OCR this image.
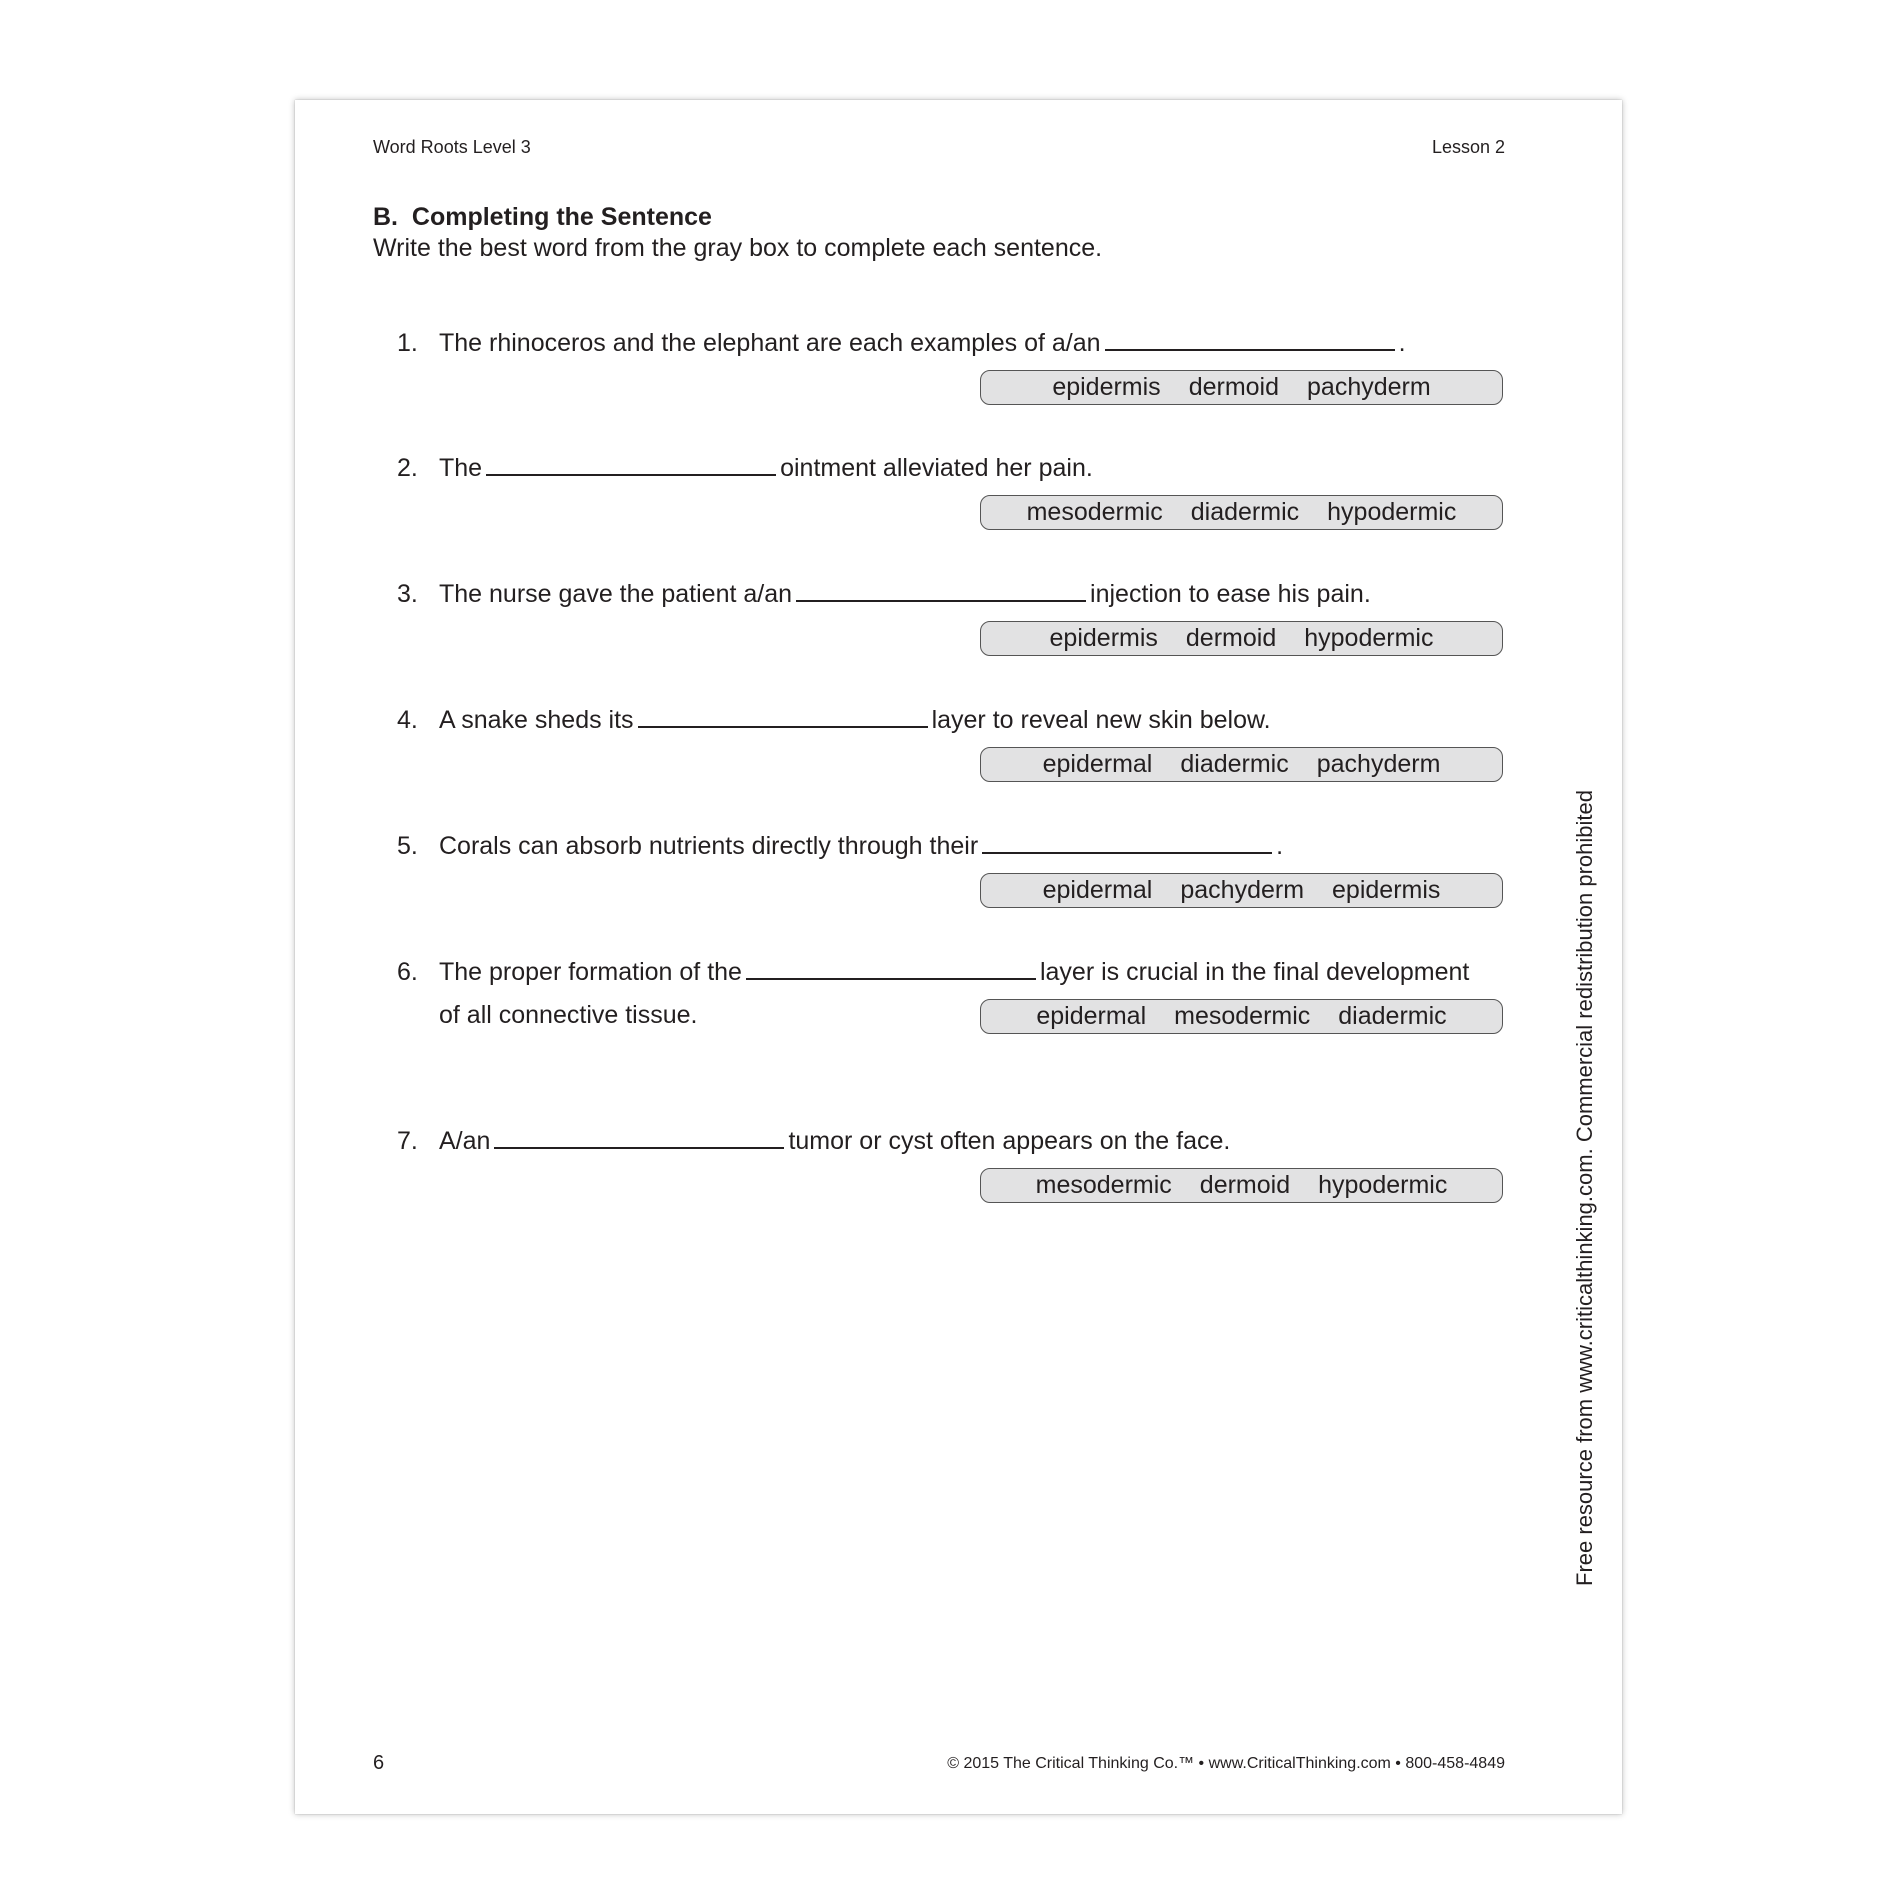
Word Roots Level 3	Lesson 2
B.  Completing the Sentence
Write the best word from the gray box to complete each sentence.
1. The rhinoceros and the elephant are each examples of a/an	.
epidermis dermoid pachyderm
2. The	ointment alleviated her pain.
mesodermic diadermic hypodermic
3. The nurse gave the patient a/an	injection to ease his pain.
epidermis dermoid hypodermic
4. A snake sheds its	layer to reveal new skin below.
epidermal diadermic pachyderm
5. Corals can absorb nutrients directly through their	.
epidermal pachyderm epidermis
6. The proper formation of the	layer is crucial in the final development
of all connective tissue.	epidermal mesodermic diadermic
7. A/an	tumor or cyst often appears on the face.
mesodermic dermoid hypodermic	Free resource from www.criticalthinking.com. Commercial redistribution prohibited
6	© 2015 The Critical Thinking Co.™ • www.CriticalThinking.com • 800-458-4849
